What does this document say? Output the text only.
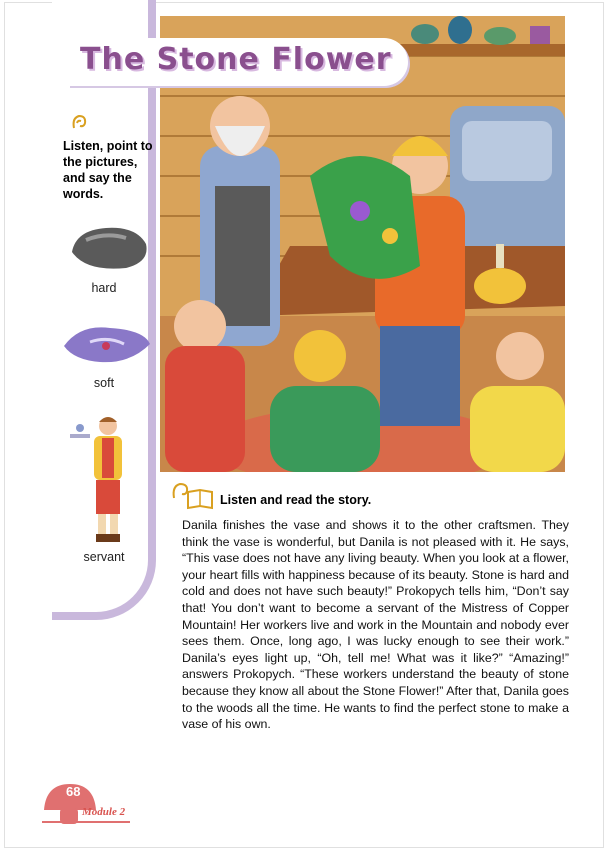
The Stone Flower
Listen, point to the pictures, and say the words.
hard
soft
servant
Listen and read the story.
Danila finishes the vase and shows it to the other craftsmen. They think the vase is wonderful, but Danila is not pleased with it. He says, “This vase does not have any living beauty. When you look at a flower, your heart fills with happiness because of its beauty. Stone is hard and cold and does not have such beauty!” Prokopych tells him, “Don’t say that! You don’t want to become a servant of the Mistress of Copper Mountain! Her workers live and work in the Mountain and nobody ever sees them. Once, long ago, I was lucky enough to see their work.” Danila’s eyes light up, “Oh, tell me! What was it like?” “Amazing!” answers Prokopych. “These workers understand the beauty of stone because they know all about the Stone Flower!” After that, Danila goes to the woods all the time. He wants to find the perfect stone to make a vase of his own.
68
Module 2
